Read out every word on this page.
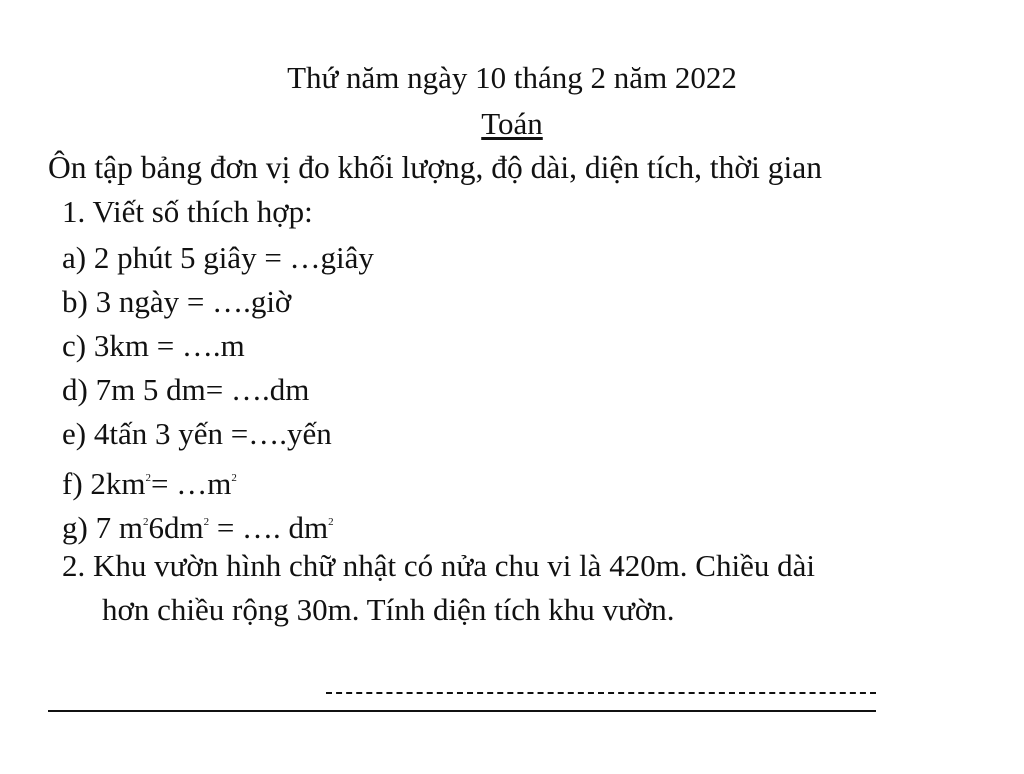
Thứ năm ngày 10 tháng 2 năm 2022
Toán
Ôn tập bảng đơn vị đo khối lượng, độ dài, diện tích, thời gian
1. Viết số thích hợp:
a) 2 phút 5 giây = …giây
b) 3 ngày = ….giờ
c) 3km = ….m
d) 7m 5 dm= ….dm
e) 4tấn 3 yến =….yến
f) $2km^2=$ $\dots m^2$
g) 7 $m^26dm^2$ = …. $dm^2$
2. Khu vườn hình chữ nhật có nửa chu vi là 420m. Chiều dài
hơn chiều rộng 30m. Tính diện tích khu vườn.
